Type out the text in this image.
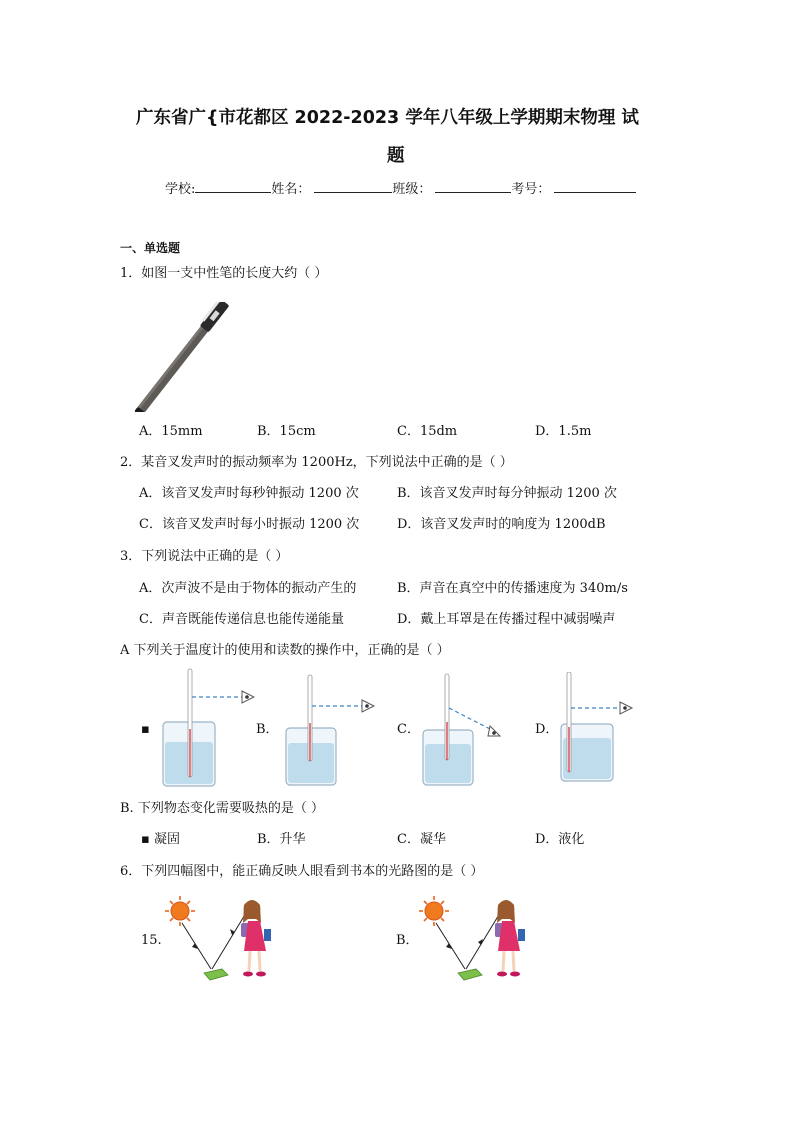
广东省广{市花都区 2022-2023 学年八年级上学期期末物理 试
题
学校:	姓名：	班级：	考号：
一、单选题
1．如图一支中性笔的长度大约（ ）
A．15mm	B．15cm	C．15dm	D．1.5m
2．某音叉发声时的振动频率为 1200Hz，下列说法中正确的是（ ）
A．该音叉发声时每秒钟振动 1200 次	B．该音叉发声时每分钟振动 1200 次
C．该音叉发声时每小时振动 1200 次	D．该音叉发声时的响度为 1200dB
3．下列说法中正确的是（ ）
A．次声波不是由于物体的振动产生的	B．声音在真空中的传播速度为 340m/s
C．声音既能传递信息也能传递能量	D．戴上耳罩是在传播过程中减弱噪声
A 下列关于温度计的使用和读数的操作中，正确的是（ ）
▪	B．	C．	D．
B. 下列物态变化需要吸热的是（ ）
▪ 凝固	B．升华	C．凝华	D．液化
6．下列四幅图中，能正确反映人眼看到书本的光路图的是（ ）
15.	B．
